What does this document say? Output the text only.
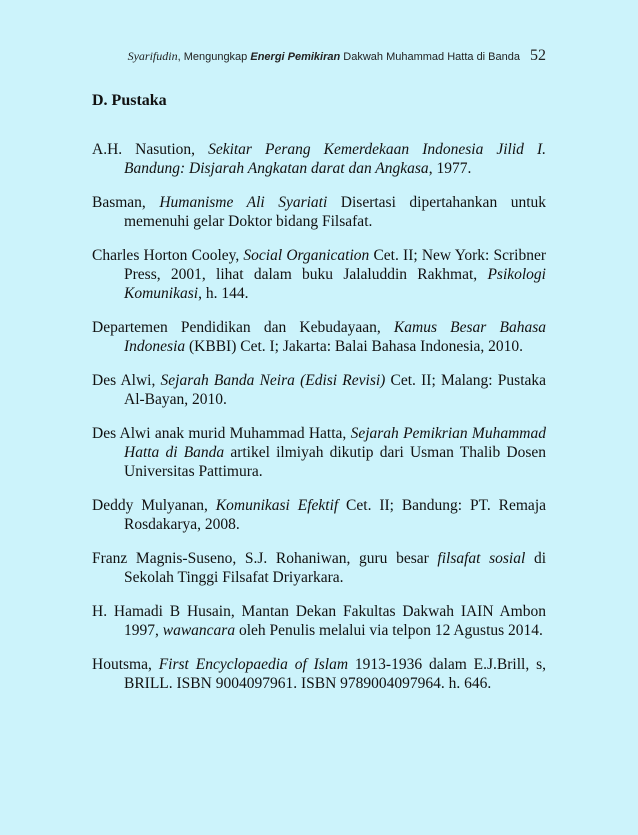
Syarifudin, Mengungkap Energi Pemikiran Dakwah Muhammad Hatta di Banda 52
D. Pustaka
A.H. Nasution, Sekitar Perang Kemerdekaan Indonesia Jilid I. Bandung: Disjarah Angkatan darat dan Angkasa, 1977.
Basman, Humanisme Ali Syariati Disertasi dipertahankan untuk memenuhi gelar Doktor bidang Filsafat.
Charles Horton Cooley, Social Organication Cet. II; New York: Scribner Press, 2001, lihat dalam buku Jalaluddin Rakhmat, Psikologi Komunikasi, h. 144.
Departemen Pendidikan dan Kebudayaan, Kamus Besar Bahasa Indonesia (KBBI) Cet. I; Jakarta: Balai Bahasa Indonesia, 2010.
Des Alwi, Sejarah Banda Neira (Edisi Revisi) Cet. II; Malang: Pustaka Al-Bayan, 2010.
Des Alwi anak murid Muhammad Hatta, Sejarah Pemikrian Muhammad Hatta di Banda artikel ilmiyah dikutip dari Usman Thalib Dosen Universitas Pattimura.
Deddy Mulyanan, Komunikasi Efektif Cet. II; Bandung: PT. Remaja Rosdakarya, 2008.
Franz Magnis-Suseno, S.J. Rohaniwan, guru besar filsafat sosial di Sekolah Tinggi Filsafat Driyarkara.
H. Hamadi B Husain, Mantan Dekan Fakultas Dakwah IAIN Ambon 1997, wawancara oleh Penulis melalui via telpon 12 Agustus 2014.
Houtsma, First Encyclopaedia of Islam 1913-1936 dalam E.J.Brill, s, BRILL. ISBN 9004097961. ISBN 9789004097964. h. 646.
